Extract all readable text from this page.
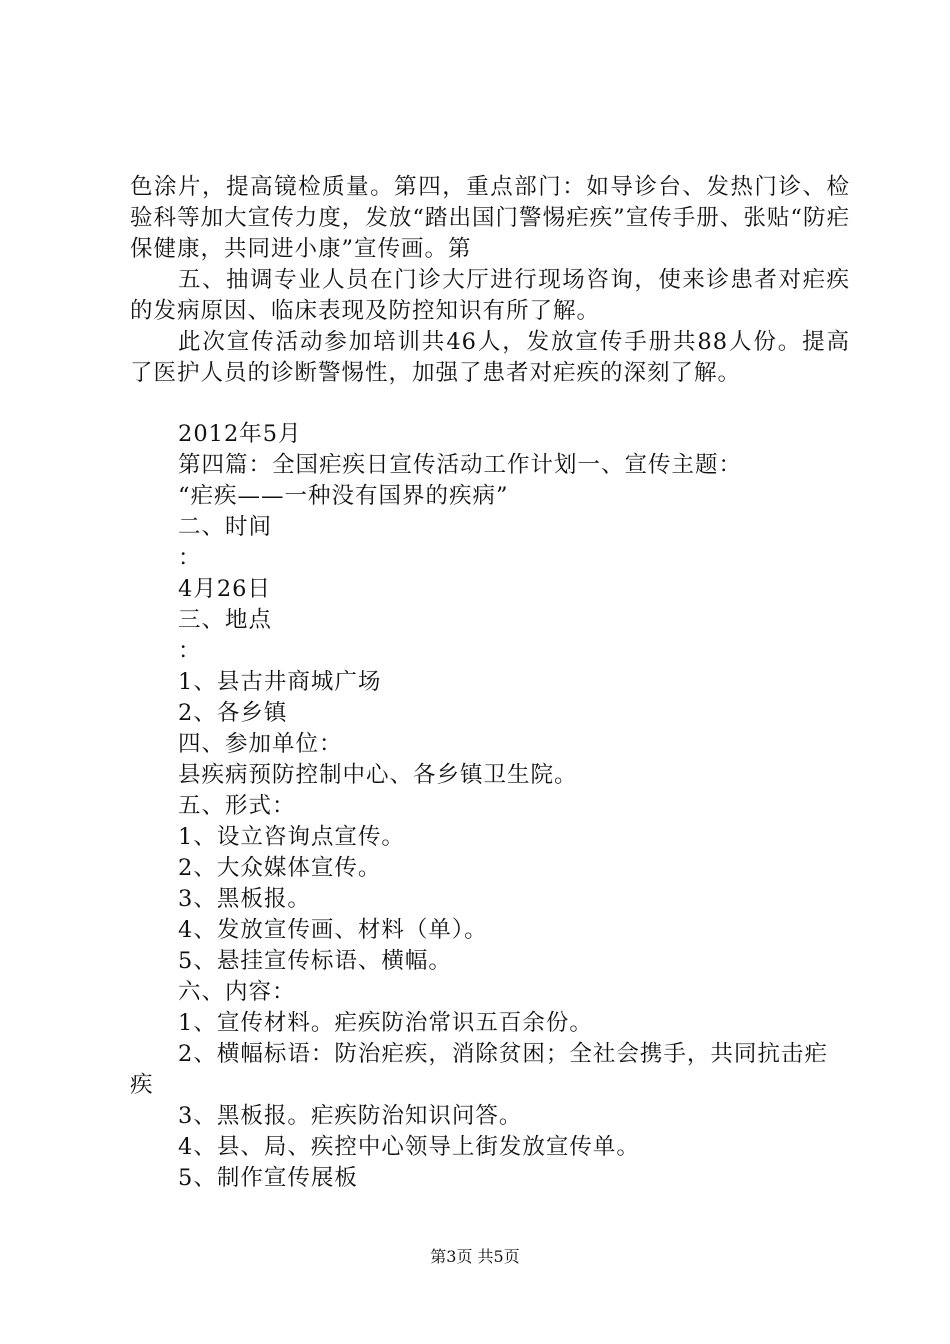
色涂片，提高镜检质量。第四，重点部门：如导诊台、发热门诊、检验科等加大宣传力度，发放“踏出国门警惕疟疾”宣传手册、张贴“防疟保健康，共同进小康”宣传画。第

五、抽调专业人员在门诊大厅进行现场咨询，使来诊患者对疟疾的发病原因、临床表现及防控知识有所了解。

此次宣传活动参加培训共46人，发放宣传手册共88人份。提高了医护人员的诊断警惕性，加强了患者对疟疾的深刻了解。

2012年5月

第四篇：全国疟疾日宣传活动工作计划一、宣传主题：

“疟疾——一种没有国界的疾病”

二、时间

：

4月26日

三、地点

：

1、县古井商城广场

2、各乡镇

四、参加单位：

县疾病预防控制中心、各乡镇卫生院。

五、形式：

1、设立咨询点宣传。

2、大众媒体宣传。

3、黑板报。

4、发放宣传画、材料（单）。

5、悬挂宣传标语、横幅。

六、内容：

1、宣传材料。疟疾防治常识五百余份。

2、横幅标语：防治疟疾，消除贫困；全社会携手，共同抗击疟疾

3、黑板报。疟疾防治知识问答。

4、县、局、疾控中心领导上街发放宣传单。

5、制作宣传展板

第3页 共5页
